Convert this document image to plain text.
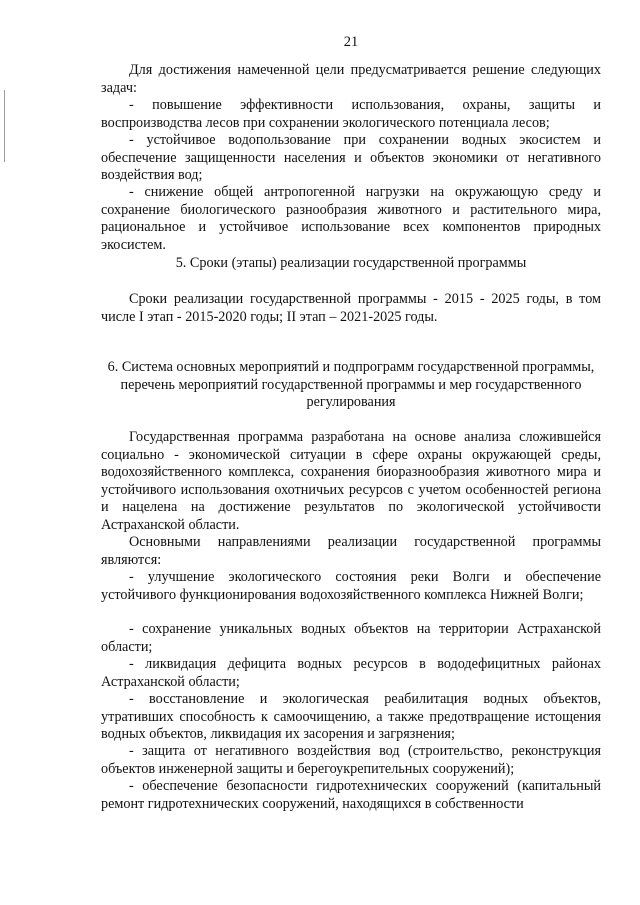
21

Для достижения намеченной цели предусматривается решение следующих задач:

- повышение эффективности использования, охраны, защиты и воспроизводства лесов при сохранении экологического потенциала лесов;

- устойчивое водопользование при сохранении водных экосистем и обеспечение защищенности населения и объектов экономики от негативного воздействия вод;

- снижение общей антропогенной нагрузки на окружающую среду и сохранение биологического разнообразия животного и растительного мира, рациональное и устойчивое использование всех компонентов природных экосистем.

5. Сроки (этапы) реализации государственной программы

Сроки реализации государственной программы - 2015 - 2025 годы, в том числе I этап - 2015-2020 годы; II этап – 2021-2025 годы.

6. Система основных мероприятий и подпрограмм государственной программы, перечень мероприятий государственной программы и мер государственного регулирования

Государственная программа разработана на основе анализа сложившейся социально - экономической ситуации в сфере охраны окружающей среды, водохозяйственного комплекса, сохранения биоразнообразия животного мира и устойчивого использования охотничьих ресурсов с учетом особенностей региона и нацелена на достижение результатов по экологической устойчивости Астраханской области.

Основными направлениями реализации государственной программы являются:

- улучшение экологического состояния реки Волги и обеспечение устойчивого функционирования водохозяйственного комплекса Нижней Волги;

- сохранение уникальных водных объектов на территории Астраханской области;

- ликвидация дефицита водных ресурсов в вододефицитных районах Астраханской области;

- восстановление и экологическая реабилитация водных объектов, утративших способность к самоочищению, а также предотвращение истощения водных объектов, ликвидация их засорения и загрязнения;

- защита от негативного воздействия вод (строительство, реконструкция объектов инженерной защиты и берегоукрепительных сооружений);

- обеспечение безопасности гидротехнических сооружений (капитальный ремонт гидротехнических сооружений, находящихся в собственности
